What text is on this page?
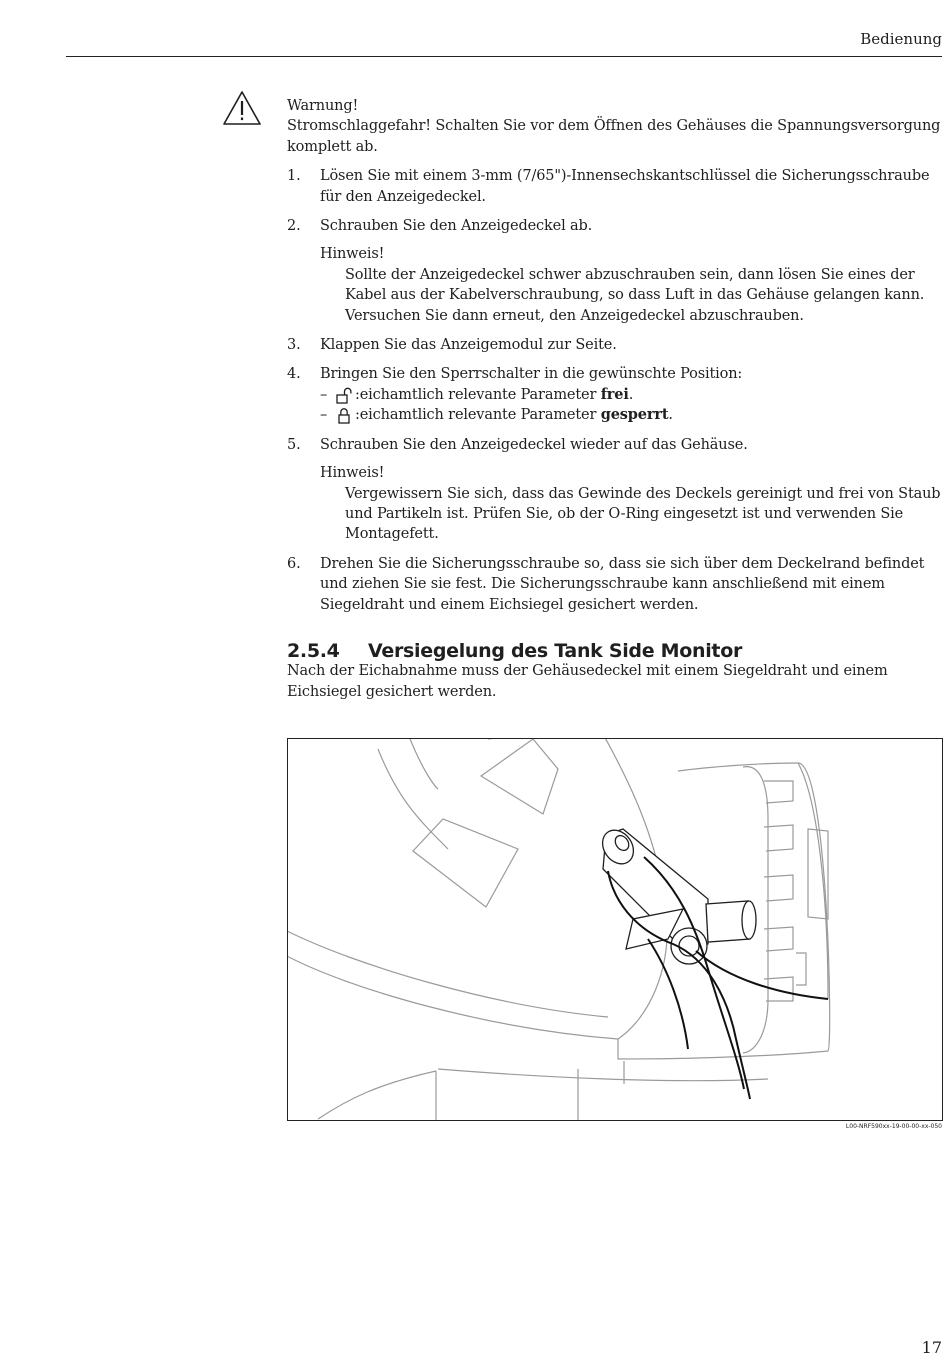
Bedienung

Warnung!

Stromschlaggefahr! Schalten Sie vor dem Öffnen des Gehäuses die Spannungsversorgung komplett ab.

1. Lösen Sie mit einem 3-mm (7/65")-Innensechskantschlüssel die Sicherungsschraube für den Anzeigedeckel.
2. Schrauben Sie den Anzeigedeckel ab.
Hinweis!
Sollte der Anzeigedeckel schwer abzuschrauben sein, dann lösen Sie eines der Kabel aus der Kabelverschraubung, so dass Luft in das Gehäuse gelangen kann. Versuchen Sie dann erneut, den Anzeigedeckel abzuschrauben.
3. Klappen Sie das Anzeigemodul zur Seite.
4. Bringen Sie den Sperrschalter in die gewünschte Position:
–	:eichamtlich relevante Parameter frei .
–	:eichamtlich relevante Parameter gesperrt .
5. Schrauben Sie den Anzeigedeckel wieder auf das Gehäuse.
Hinweis!
Vergewissern Sie sich, dass das Gewinde des Deckels gereinigt und frei von Staub und Partikeln ist. Prüfen Sie, ob der O-Ring eingesetzt ist und verwenden Sie Montagefett.
6. Drehen Sie die Sicherungsschraube so, dass sie sich über dem Deckelrand befindet und ziehen Sie sie fest. Die Sicherungsschraube kann anschließend mit einem Siegeldraht und einem Eichsiegel gesichert werden.
2.5.4 Versiegelung des Tank Side Monitor

Nach der Eichabnahme muss der Gehäusedeckel mit einem Siegeldraht und einem Eichsiegel gesichert werden.

L00-NRF590xx-19-00-00-xx-050
17
